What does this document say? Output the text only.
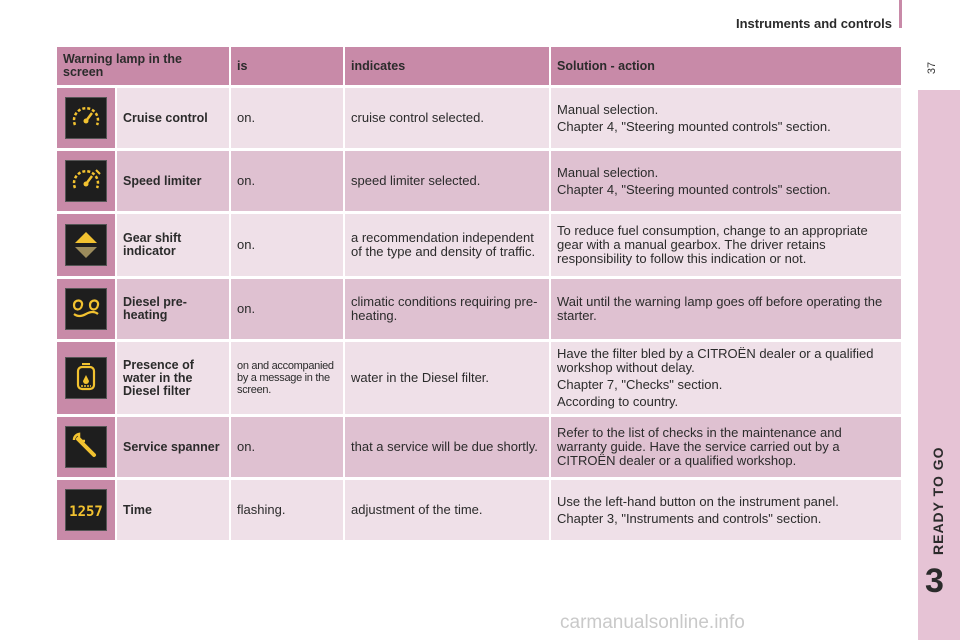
Instruments and controls
37
READY TO GO
3
Warning lamp in the screen		is	indicates	Solution - action

	Cruise control	on.	cruise control selected.	Manual selection.

Chapter 4, "Steering mounted controls" section.

	Speed limiter	on.	speed limiter selected.	Manual selection.

Chapter 4, "Steering mounted controls" section.

	Gear shift indicator	on.	a recommendation independent of the type and density of traffic.	To reduce fuel consumption, change to an appropriate gear with a manual gearbox. The driver retains responsibility to follow this indication or not.

	Diesel pre-heating	on.	climatic conditions requiring pre-heating.	Wait until the warning lamp goes off before operating the starter.

	Presence of water in the Diesel filter	on and accompanied by a message in the screen.	water in the Diesel filter.	Have the filter bled by a CITROËN dealer or a qualified workshop without delay.

Chapter 7, "Checks" section.

According to country.

	Service spanner	on.	that a service will be due shortly.	Refer to the list of checks in the maintenance and warranty guide. Have the service carried out by a CITROËN dealer or a qualified workshop.

1257	Time	flashing.	adjustment of the time.	Use the left-hand button on the instrument panel.

Chapter 3, "Instruments and controls" section.

carmanualsonline.info
